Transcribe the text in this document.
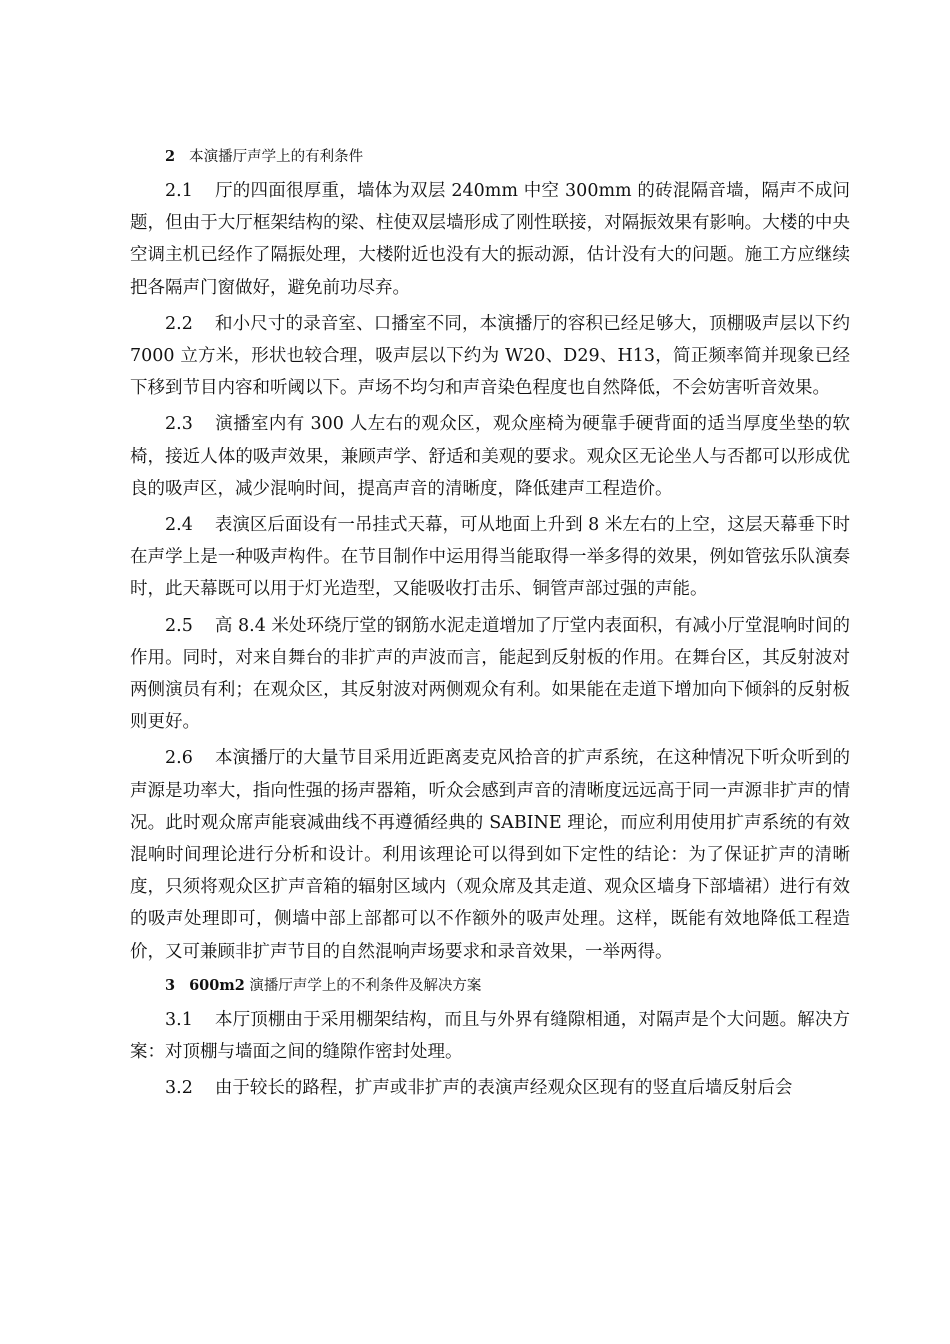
2 本演播厅声学上的有利条件

2.1 厅的四面很厚重，墙体为双层 240mm 中空 300mm 的砖混隔音墙，隔声不成问题，但由于大厅框架结构的梁、柱使双层墙形成了刚性联接，对隔振效果有影响。大楼的中央空调主机已经作了隔振处理，大楼附近也没有大的振动源，估计没有大的问题。施工方应继续把各隔声门窗做好，避免前功尽弃。

2.2 和小尺寸的录音室、口播室不同，本演播厅的容积已经足够大，顶棚吸声层以下约 7000 立方米，形状也较合理，吸声层以下约为 W20、D29、H13，简正频率简并现象已经下移到节目内容和听阈以下。声场不均匀和声音染色程度也自然降低，不会妨害听音效果。

2.3 演播室内有 300 人左右的观众区，观众座椅为硬靠手硬背面的适当厚度坐垫的软椅，接近人体的吸声效果，兼顾声学、舒适和美观的要求。观众区无论坐人与否都可以形成优良的吸声区，减少混响时间，提高声音的清晰度，降低建声工程造价。

2.4 表演区后面设有一吊挂式天幕，可从地面上升到 8 米左右的上空，这层天幕垂下时在声学上是一种吸声构件。在节目制作中运用得当能取得一举多得的效果，例如管弦乐队演奏时，此天幕既可以用于灯光造型，又能吸收打击乐、铜管声部过强的声能。

2.5 高 8.4 米处环绕厅堂的钢筋水泥走道增加了厅堂内表面积，有减小厅堂混响时间的作用。同时，对来自舞台的非扩声的声波而言，能起到反射板的作用。在舞台区，其反射波对两侧演员有利；在观众区，其反射波对两侧观众有利。如果能在走道下增加向下倾斜的反射板则更好。

2.6 本演播厅的大量节目采用近距离麦克风拾音的扩声系统，在这种情况下听众听到的声源是功率大，指向性强的扬声器箱，听众会感到声音的清晰度远远高于同一声源非扩声的情况。此时观众席声能衰减曲线不再遵循经典的 SABINE 理论，而应利用使用扩声系统的有效混响时间理论进行分析和设计。利用该理论可以得到如下定性的结论：为了保证扩声的清晰度，只须将观众区扩声音箱的辐射区域内（观众席及其走道、观众区墙身下部墙裙）进行有效的吸声处理即可，侧墙中部上部都可以不作额外的吸声处理。这样，既能有效地降低工程造价，又可兼顾非扩声节目的自然混响声场要求和录音效果，一举两得。

3 600m2 演播厅声学上的不利条件及解决方案

3.1 本厅顶棚由于采用棚架结构，而且与外界有缝隙相通，对隔声是个大问题。解决方案：对顶棚与墙面之间的缝隙作密封处理。

3.2 由于较长的路程，扩声或非扩声的表演声经观众区现有的竖直后墙反射后会
